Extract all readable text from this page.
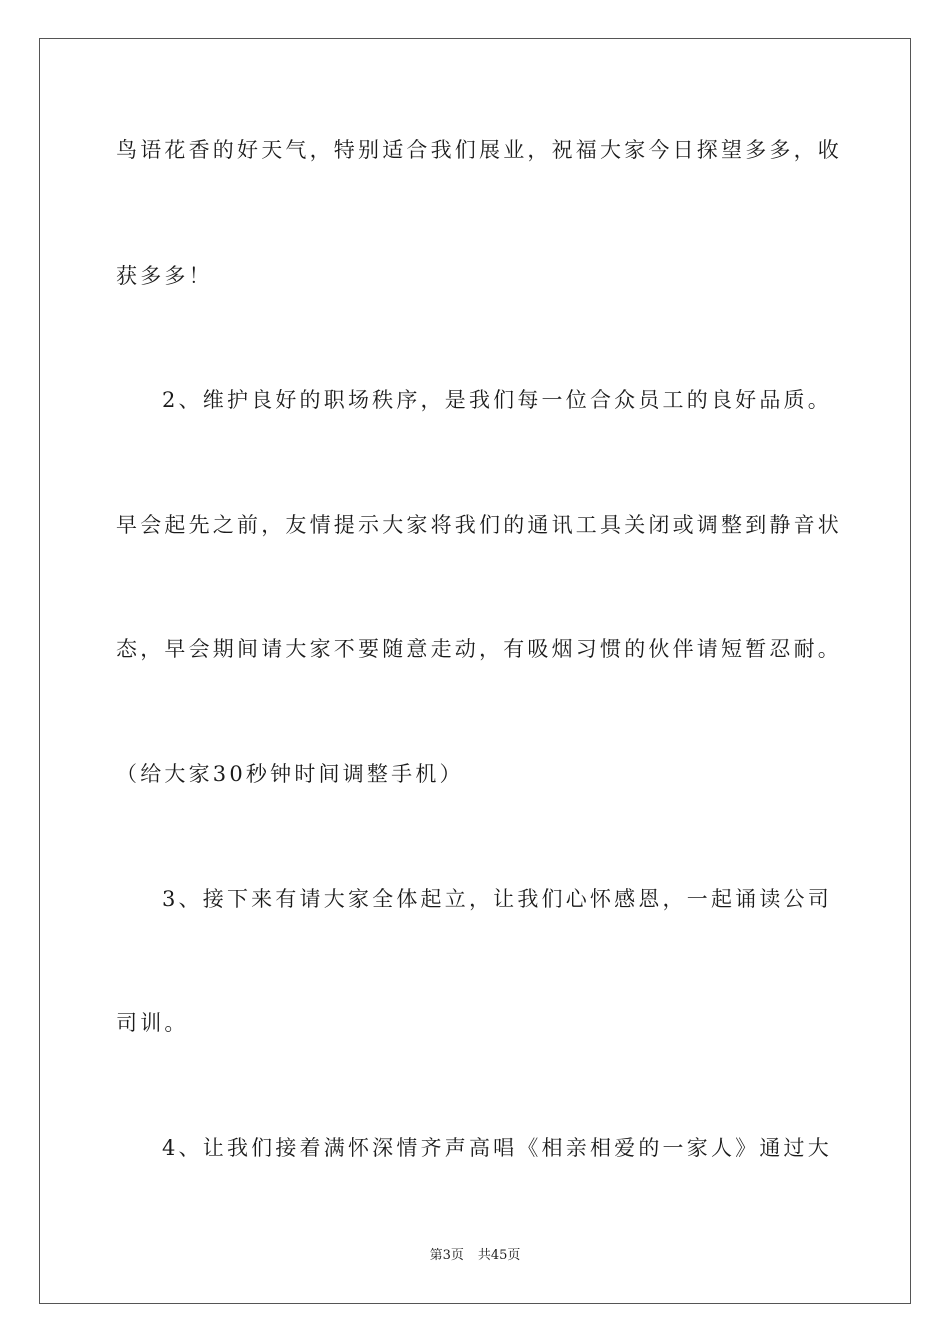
鸟语花香的好天气，特别适合我们展业，祝福大家今日探望多多，收
获多多！
2、维护良好的职场秩序，是我们每一位合众员工的良好品质。
早会起先之前，友情提示大家将我们的通讯工具关闭或调整到静音状
态，早会期间请大家不要随意走动，有吸烟习惯的伙伴请短暂忍耐。
（给大家30秒钟时间调整手机）
3、接下来有请大家全体起立，让我们心怀感恩，一起诵读公司
司训。
4、让我们接着满怀深情齐声高唱《相亲相爱的一家人》通过大
第3页 共45页
